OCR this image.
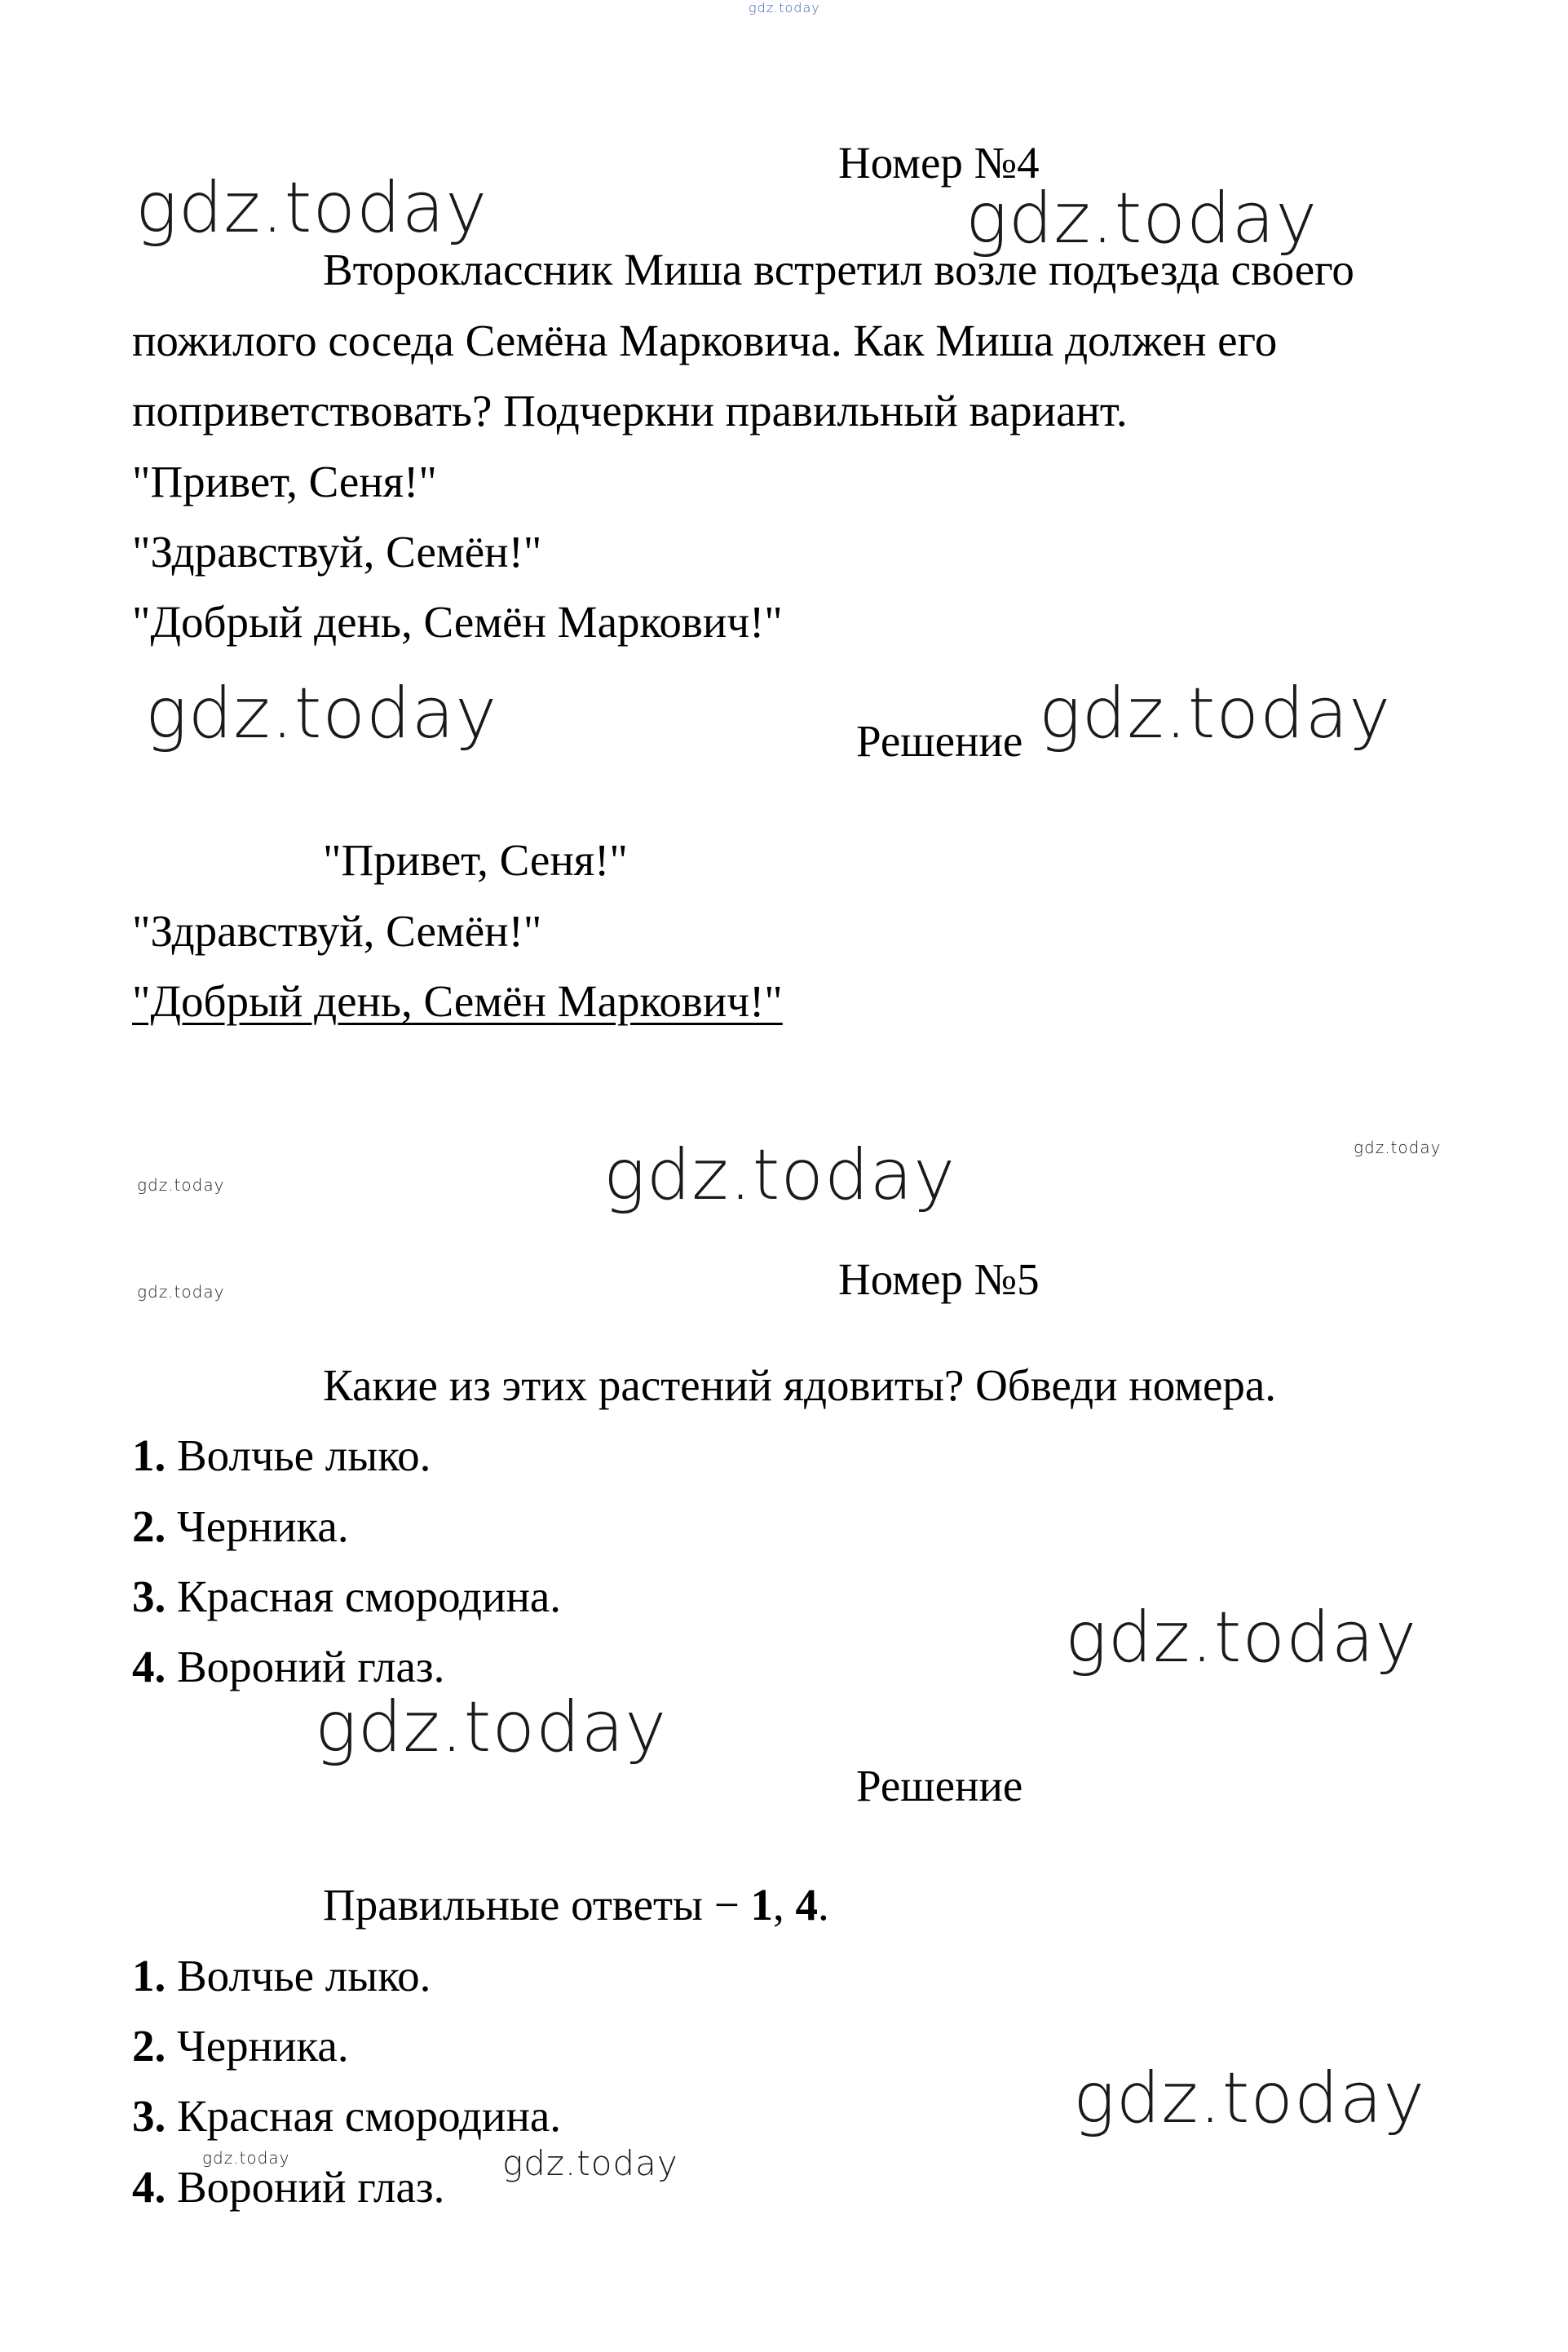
gdz.today
gdz.today	gdz.today
gdz.today	gdz.today
gdz.today	gdz.today
gdz.today
gdz.today
gdz.today
gdz.today
gdz.today
gdz.today	gdz.today
Номер №4
Второклассник Миша встретил возле подъезда своего
пожилого соседа Семёна Марковича. Как Миша должен его
поприветствовать? Подчеркни правильный вариант.
"Привет, Сеня!"
"Здравствуй, Семён!"
"Добрый день, Семён Маркович!"
Решение
"Привет, Сеня!"
"Здравствуй, Семён!"
"Добрый день, Семён Маркович!"
Номер №5
Какие из этих растений ядовиты? Обведи номера.
1. Волчье лыко.
2. Черника.
3. Красная смородина.
4. Вороний глаз.
Решение
Правильные ответы − 1, 4.
1. Волчье лыко.
2. Черника.
3. Красная смородина.
4. Вороний глаз.
